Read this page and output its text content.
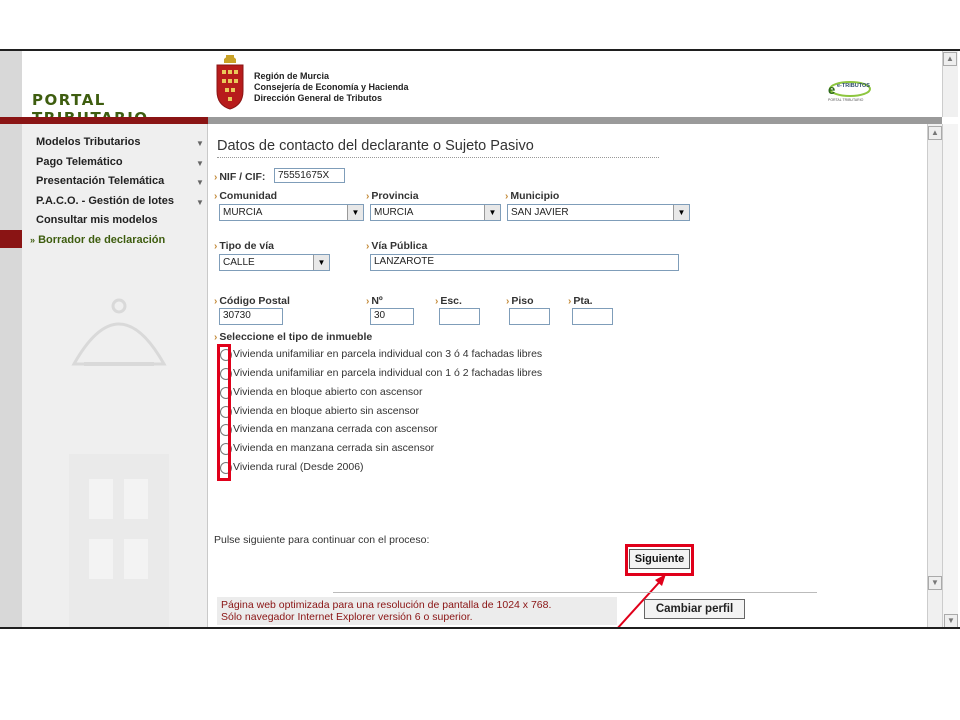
PORTAL
Región de Murcia
Consejería de Economía y Hacienda
Dirección General de Tributos
e e-TRIBUTOS
PORTAL TRIBUTARIO
▲
Modelos Tributarios	▼
Pago Telemático	▼
Presentación Telemática	▼
P.A.C.O. - Gestión de lotes	▼
Consultar mis modelos
» Borrador de declaración
Datos de contacto del declarante o Sujeto Pasivo
› NIF / CIF:	75551675X
› Comunidad
MURCIA	▼
› Provincia
MURCIA	▼
› Municipio
SAN JAVIER	▼
› Tipo de vía
CALLE	▼
› Vía Pública
LANZAROTE
› Código Postal
30730
› Nº
30
› Esc.	› Piso	› Pta.
› Seleccione el tipo de inmueble
Vivienda unifamiliar en parcela individual con 3 ó 4 fachadas libres
Vivienda unifamiliar en parcela individual con 1 ó 2 fachadas libres
Vivienda en bloque abierto con ascensor
Vivienda en bloque abierto sin ascensor
Vivienda en manzana cerrada con ascensor
Vivienda en manzana cerrada sin ascensor
Vivienda rural (Desde 2006)
Pulse siguiente para continuar con el proceso:
Siguiente
▲
▼
Página web optimizada para una resolución de pantalla de 1024 x 768.
Sólo navegador Internet Explorer versión 6 o superior.
Cambiar perfil
▼
